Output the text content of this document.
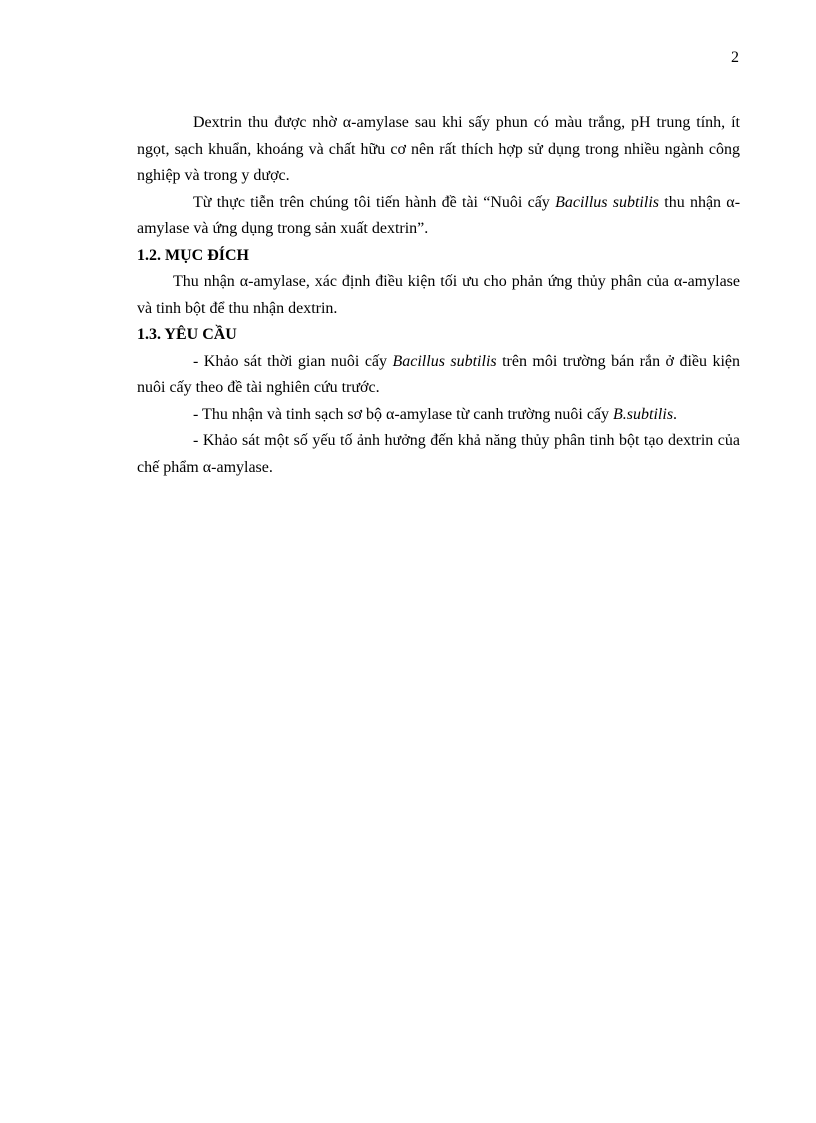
2

Dextrin thu được nhờ α-amylase sau khi sấy phun có màu trắng, pH trung tính, ít ngọt, sạch khuẩn, khoáng và chất hữu cơ nên rất thích hợp sử dụng trong nhiều ngành công nghiệp và trong y dược.

Từ thực tiễn trên chúng tôi tiến hành đề tài “Nuôi cấy Bacillus subtilis thu nhận α-amylase và ứng dụng trong sản xuất dextrin”.

1.2. MỤC ĐÍCH

Thu nhận α-amylase, xác định điều kiện tối ưu cho phản ứng thủy phân của α-amylase và tinh bột để thu nhận dextrin.

1.3. YÊU CẦU

- Khảo sát thời gian nuôi cấy Bacillus subtilis trên môi trường bán rắn ở điều kiện nuôi cấy theo đề tài nghiên cứu trước.

- Thu nhận và tinh sạch sơ bộ α-amylase từ canh trường nuôi cấy B.subtilis.

- Khảo sát một số yếu tố ảnh hưởng đến khả năng thủy phân tinh bột tạo dextrin của chế phẩm α-amylase.
